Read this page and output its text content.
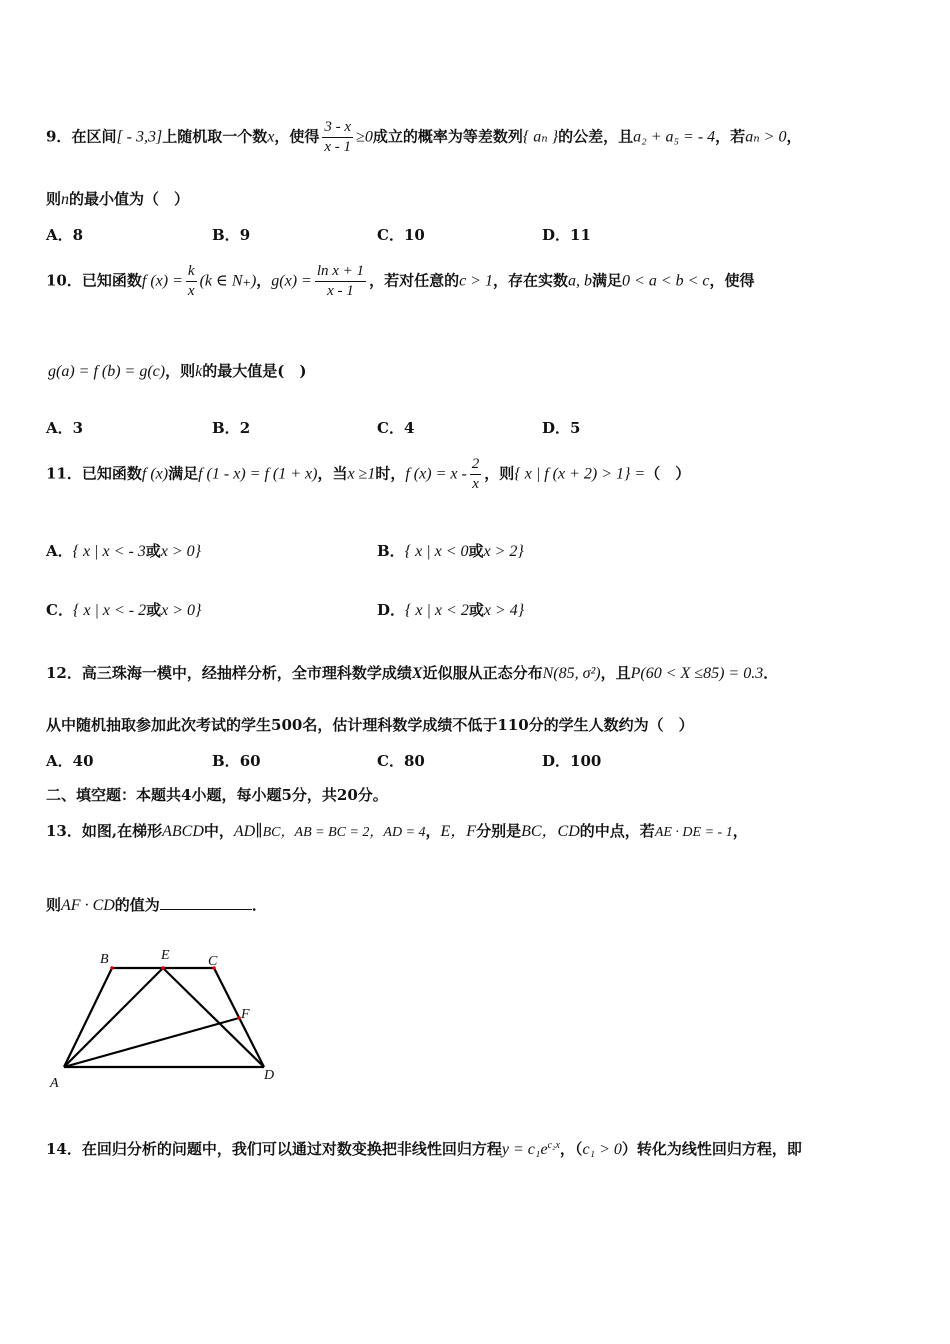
9．在区间[ - 3,3]上随机取一个数x，使得 $\frac{3 - x}{x - 1} \ge 0$成立的概率为等差数列{ aₙ }的公差，且a₂ + a₅ = - 4，若aₙ > 0，
则n的最小值为（　）
A．8	B．9	C．10	D．11
10．已知函数f $(x) = \frac{k}{x} (k$ ∈ N₊)，$g(x) = \frac{\text{ln x + 1}}{x - 1}$ ，若对任意的c > 1，存在实数a, b满足0 < a < b < c，使得
g(a) = f (b) = g(c)，则k的最大值是(　)
A．3	B．2	C．4	D．5
11．已知函数f (x)满足f (1 - x) = f (1 + x)，当x ≥1时，f $(x) = x - \frac{2}{x}$ ，则{ x | f (x + 2) > 1} =（　）
A．{ x | x < - 3或x > 0}	B．{ x | x < 0或x > 2}
C．{ x | x < - 2或x > 0}	D．{ x | x < 2或x > 4}
12．高三珠海一模中，经抽样分析，全市理科数学成绩X近似服从正态分布N(85, σ²)，且P(60 < X ≤85) = 0.3．
从中随机抽取参加此次考试的学生500名，估计理科数学成绩不低于110分的学生人数约为（　）
A．40	B．60	C．80	D．100
二、填空题：本题共4小题，每小题5分，共20分。
13．如图,在梯形ABCD中，AD∥BC，AB = BC = 2，AD = 4，E，F分别是BC，CD的中点，若AE · DE = - 1，
则AF · CD的值为	．
B	E	C
F
A
D
14．在回归分析的问题中，我们可以通过对数变换把非线性回归方程$y = c_1e^{c_2x}$，（c₁ > 0）转化为线性回归方程，即
